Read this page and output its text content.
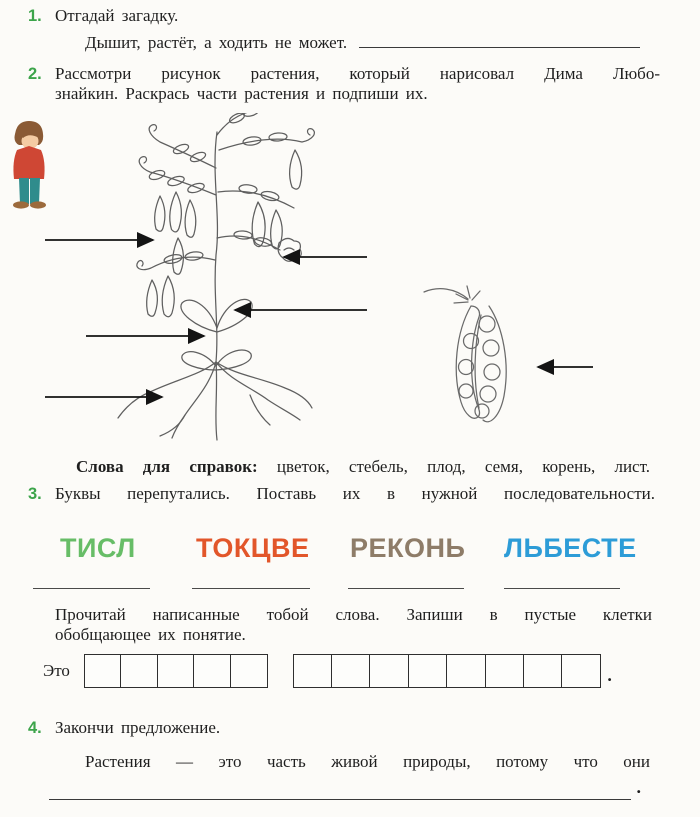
1. Отгадай загадку.
Дышит, растёт, а ходить не может.
2. Рассмотри рисунок растения, который нарисовал Дима Любо-
знайкин. Раскрась части растения и подпиши их.
Слова для справок: цветок, стебель, плод, семя, корень, лист.
3. Буквы перепутались. Поставь их в нужной последовательности.
ТИСЛ ТОКЦВЕ РЕКОНЬ ЛЬБЕСТЕ
Прочитай написанные тобой слова. Запиши в пустые клетки
обобщающее их понятие.
Это	.
4. Закончи предложение.
Растения — это часть живой природы, потому что они
.
